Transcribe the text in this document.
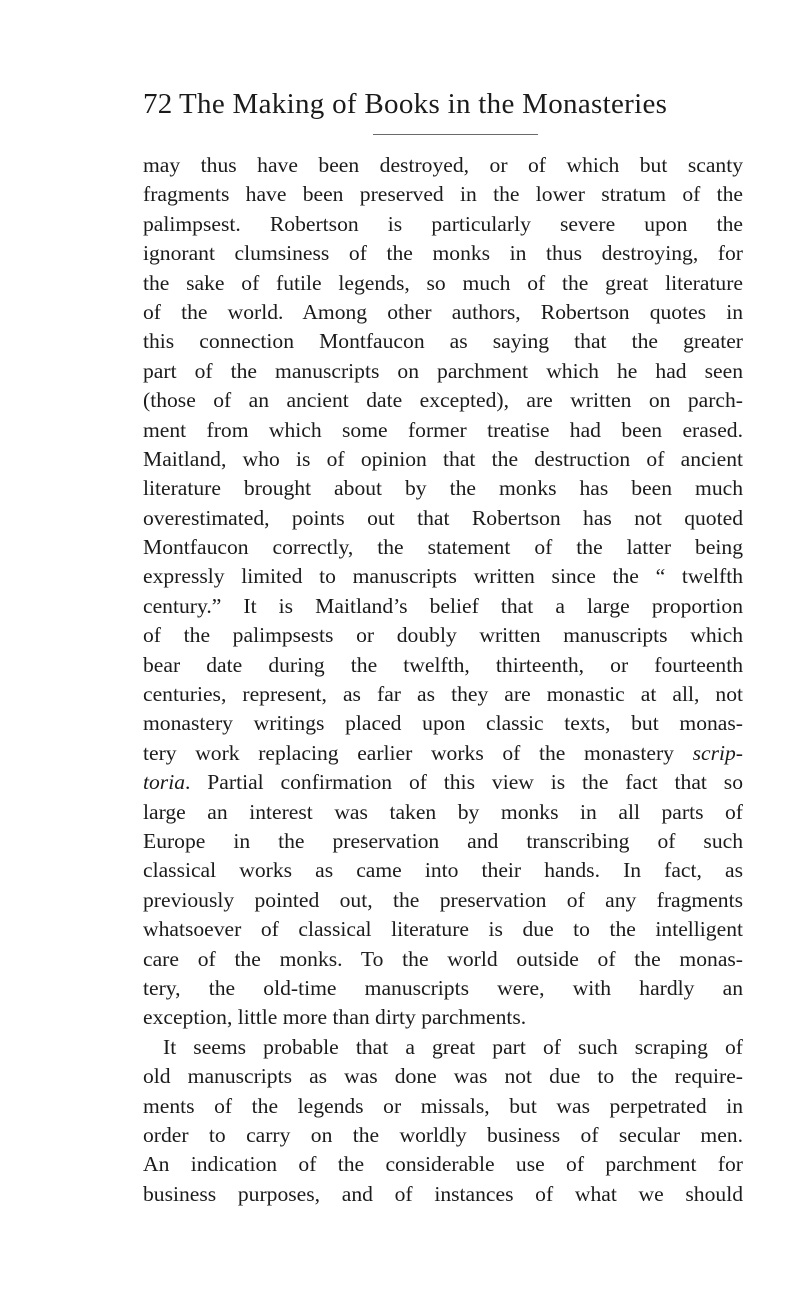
72 The Making of Books in the Monasteries
may thus have been destroyed, or of which but scanty
fragments have been preserved in the lower stratum of the
palimpsest. Robertson is particularly severe upon the
ignorant clumsiness of the monks in thus destroying, for
the sake of futile legends, so much of the great literature
of the world. Among other authors, Robertson quotes in
this connection Montfaucon as saying that the greater
part of the manuscripts on parchment which he had seen
(those of an ancient date excepted), are written on parch-
ment from which some former treatise had been erased.
Maitland, who is of opinion that the destruction of ancient
literature brought about by the monks has been much
overestimated, points out that Robertson has not quoted
Montfaucon correctly, the statement of the latter being
expressly limited to manuscripts written since the “ twelfth
century.” It is Maitland’s belief that a large proportion
of the palimpsests or doubly written manuscripts which
bear date during the twelfth, thirteenth, or fourteenth
centuries, represent, as far as they are monastic at all, not
monastery writings placed upon classic texts, but monas-
tery work replacing earlier works of the monastery scrip-
toria. Partial confirmation of this view is the fact that so
large an interest was taken by monks in all parts of
Europe in the preservation and transcribing of such
classical works as came into their hands. In fact, as
previously pointed out, the preservation of any fragments
whatsoever of classical literature is due to the intelligent
care of the monks. To the world outside of the monas-
tery, the old-time manuscripts were, with hardly an
exception, little more than dirty parchments.
It seems probable that a great part of such scraping of
old manuscripts as was done was not due to the require-
ments of the legends or missals, but was perpetrated in
order to carry on the worldly business of secular men.
An indication of the considerable use of parchment for
business purposes, and of instances of what we should
